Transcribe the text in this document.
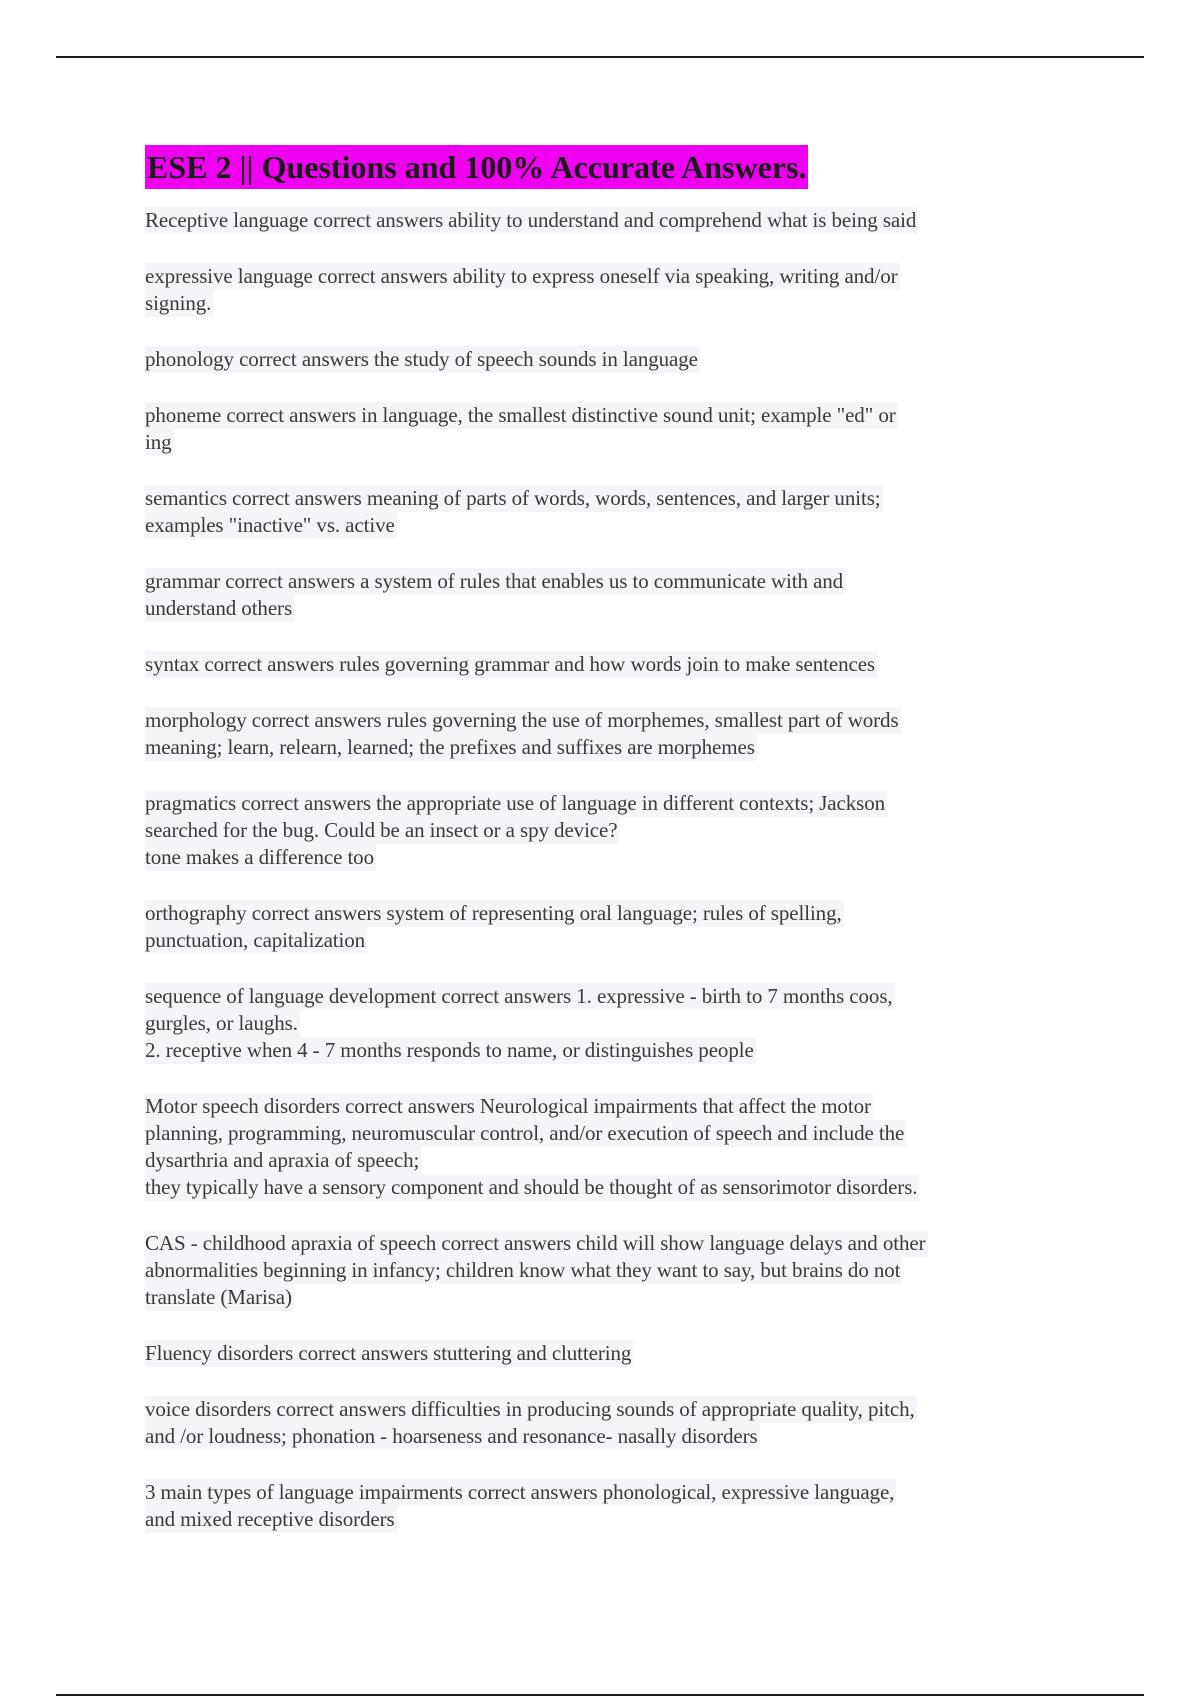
ESE 2 || Questions and 100% Accurate Answers.
Receptive language correct answers ability to understand and comprehend what is being said
expressive language correct answers ability to express oneself via speaking, writing and/or
signing.
phonology correct answers the study of speech sounds in language
phoneme correct answers in language, the smallest distinctive sound unit; example "ed" or
ing
semantics correct answers meaning of parts of words, words, sentences, and larger units;
examples "inactive" vs. active
grammar correct answers a system of rules that enables us to communicate with and
understand others
syntax correct answers rules governing grammar and how words join to make sentences
morphology correct answers rules governing the use of morphemes, smallest part of words
meaning; learn, relearn, learned; the prefixes and suffixes are morphemes
pragmatics correct answers the appropriate use of language in different contexts; Jackson
searched for the bug. Could be an insect or a spy device?
tone makes a difference too
orthography correct answers system of representing oral language; rules of spelling,
punctuation, capitalization
sequence of language development correct answers 1. expressive - birth to 7 months coos,
gurgles, or laughs.
2. receptive when 4 - 7 months responds to name, or distinguishes people
Motor speech disorders correct answers Neurological impairments that affect the motor
planning, programming, neuromuscular control, and/or execution of speech and include the
dysarthria and apraxia of speech;
they typically have a sensory component and should be thought of as sensorimotor disorders.
CAS - childhood apraxia of speech correct answers child will show language delays and other
abnormalities beginning in infancy; children know what they want to say, but brains do not
translate (Marisa)
Fluency disorders correct answers stuttering and cluttering
voice disorders correct answers difficulties in producing sounds of appropriate quality, pitch,
and /or loudness; phonation - hoarseness and resonance- nasally disorders
3 main types of language impairments correct answers phonological, expressive language,
and mixed receptive disorders
